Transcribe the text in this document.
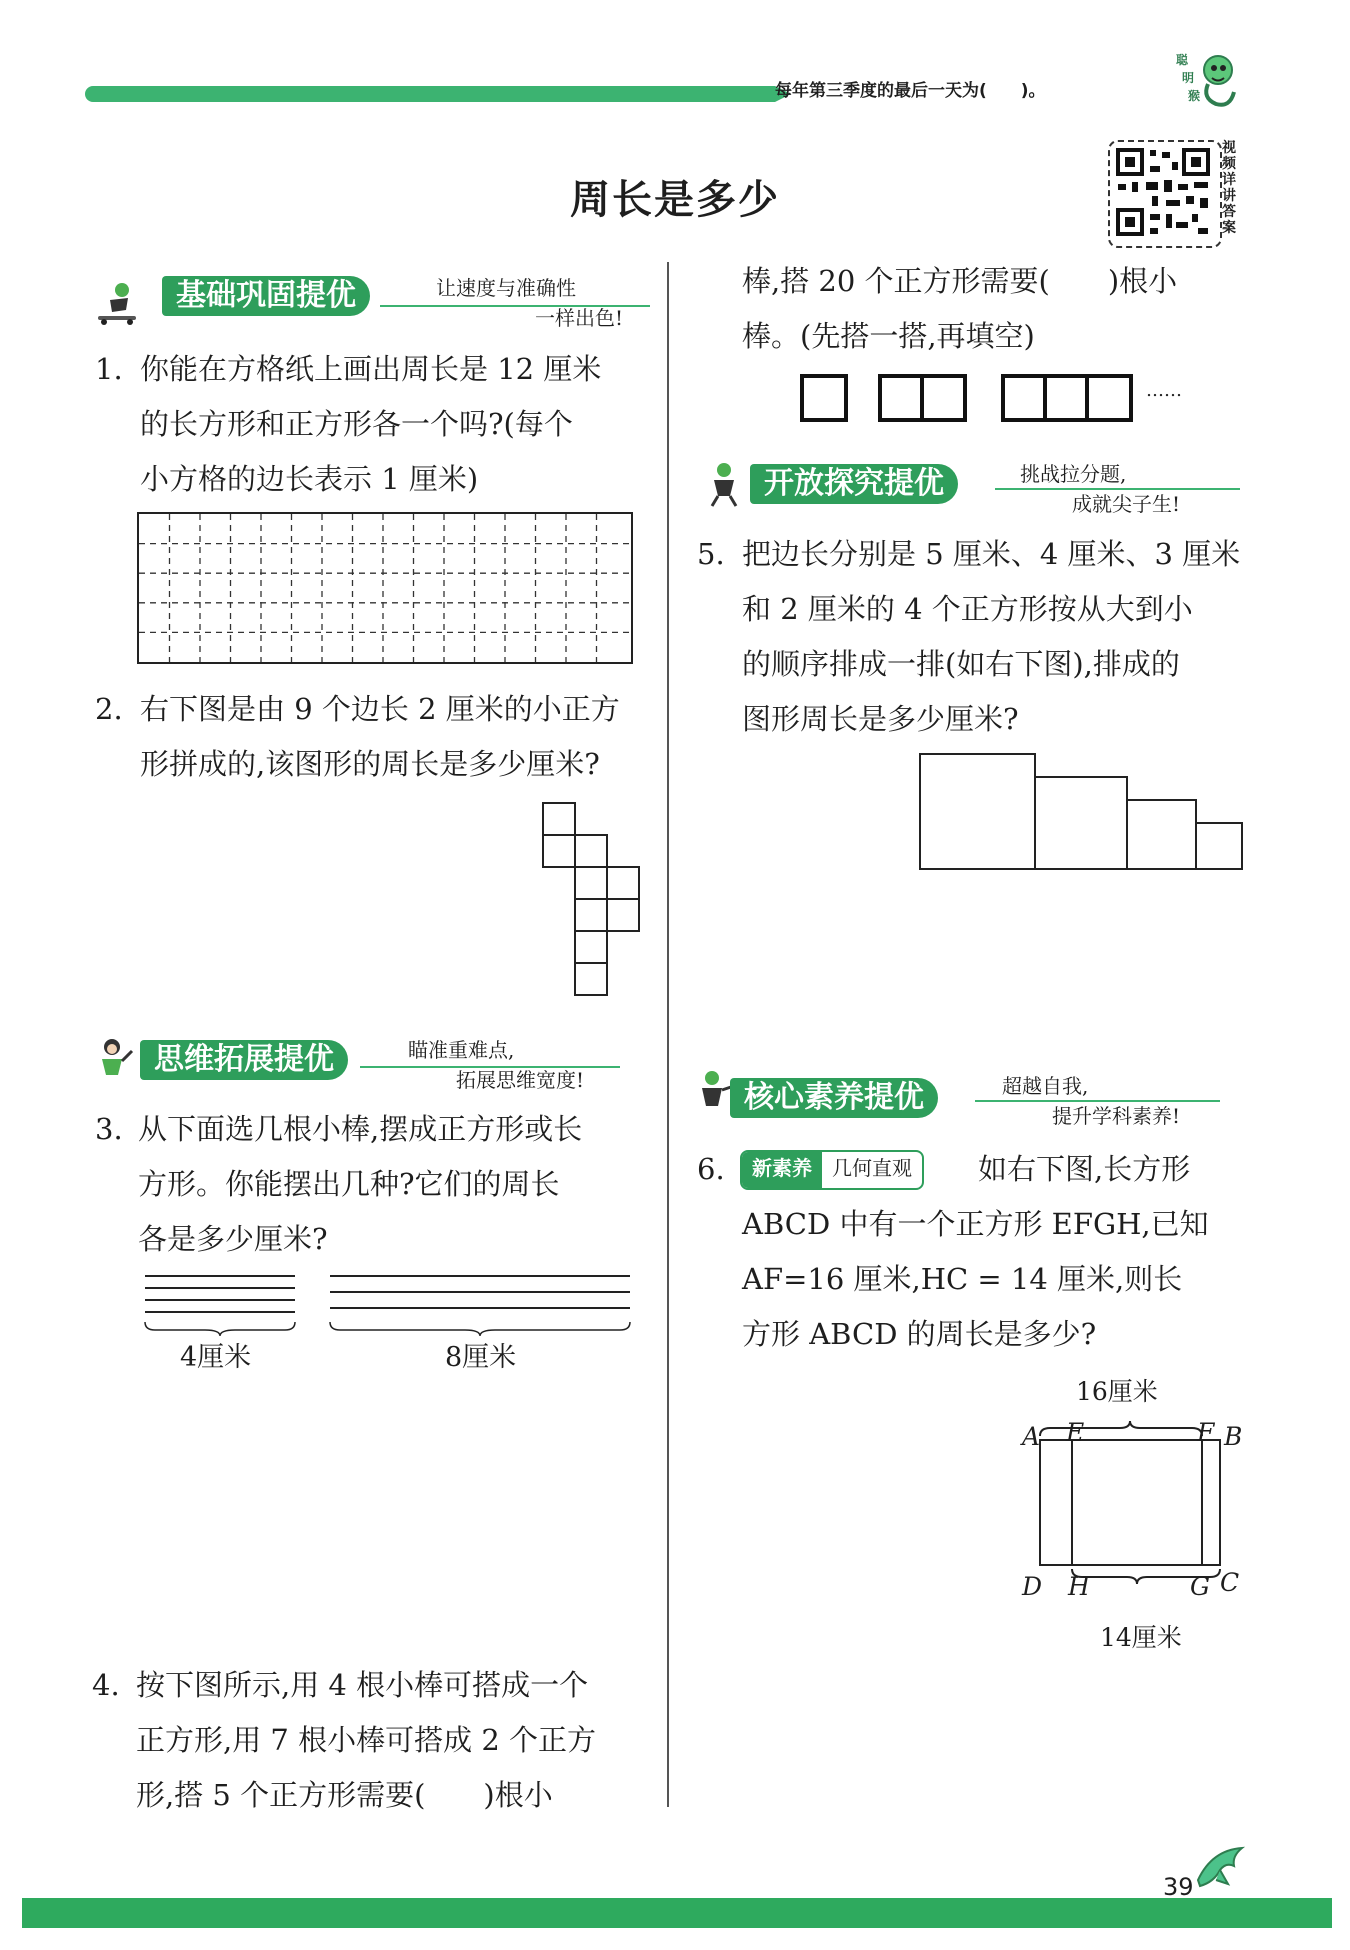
每年第三季度的最后一天为(　　)。
聪
明
猴
周长是多少
视频详讲答案
基础巩固提优	让速度与准确性
一样出色!
1. 你能在方格纸上画出周长是 12 厘米
的长方形和正方形各一个吗?(每个
小方格的边长表示 1 厘米)
2. 右下图是由 9 个边长 2 厘米的小正方
形拼成的,该图形的周长是多少厘米?
思维拓展提优	瞄准重难点,
拓展思维宽度!
3. 从下面选几根小棒,摆成正方形或长
方形。你能摆出几种?它们的周长
各是多少厘米?
4厘米	8厘米
4. 按下图所示,用 4 根小棒可搭成一个
正方形,用 7 根小棒可搭成 2 个正方
形,搭 5 个正方形需要(　　)根小
棒,搭 20 个正方形需要(　　)根小
棒。(先搭一搭,再填空)
……
开放探究提优	挑战拉分题,
成就尖子生!
5. 把边长分别是 5 厘米、4 厘米、3 厘米
和 2 厘米的 4 个正方形按从大到小
的顺序排成一排(如右下图),排成的
图形周长是多少厘米?
核心素养提优	超越自我,
提升学科素养!
6.	新素养	几何直观	如右下图,长方形
ABCD 中有一个正方形 EFGH,已知
AF=16 厘米,HC = 14 厘米,则长
方形 ABCD 的周长是多少?
16厘米
14厘米
A E	F B
D H	G C
39
